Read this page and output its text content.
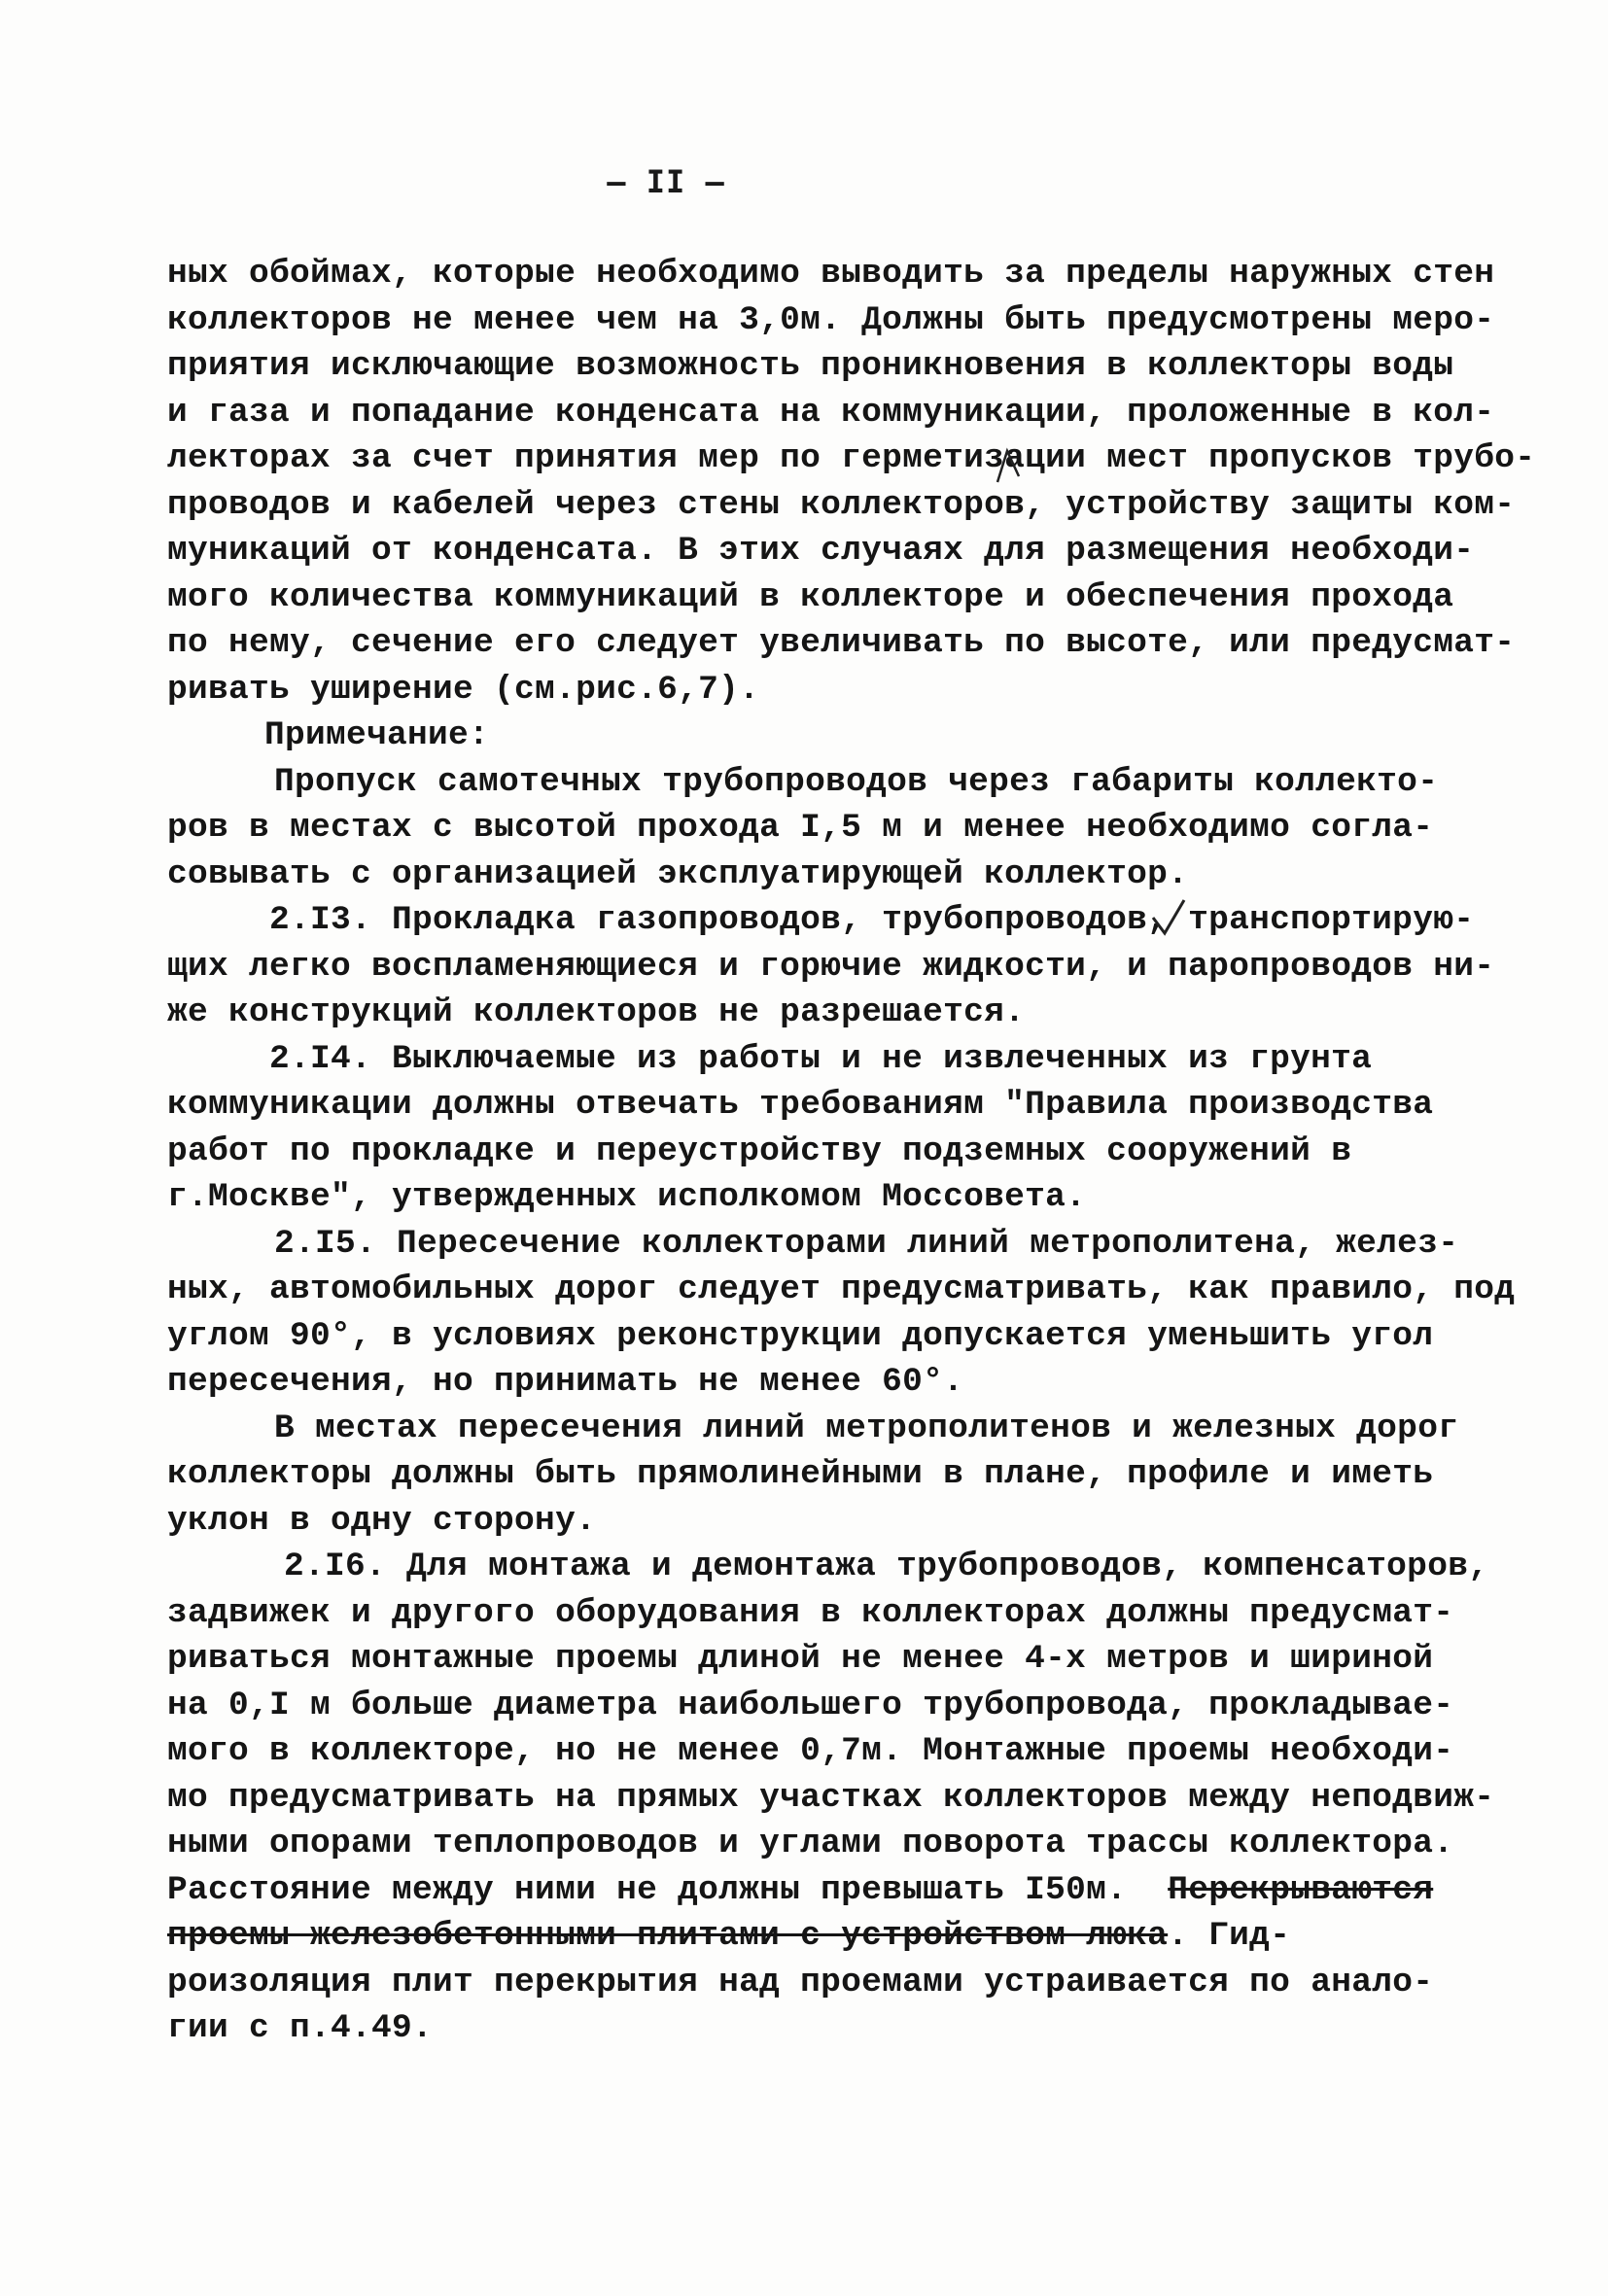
— II —
ных обоймах, которые необходимо выводить за пределы наружных стен
коллекторов не менее чем на 3,0м. Должны быть предусмотрены меро-
приятия исключающие возможность проникновения в коллекторы воды
и газа и попадание конденсата на коммуникации, проложенные в кол-
лекторах за счет принятия мер по герметизации мест пропусков трубо-
проводов и кабелей через стены коллекторов, устройству защиты ком-
муникаций от конденсата. В этих случаях для размещения необходи-
мого количества коммуникаций в коллекторе и обеспечения прохода
по нему, сечение его следует увеличивать по высоте, или предусмат-
ривать уширение (см.рис.6,7).
Примечание:
Пропуск самотечных трубопроводов через габариты коллекто-
ров в местах с высотой прохода I,5 м и менее необходимо согла-
совывать с организацией эксплуатирующей коллектор.
2.I3. Прокладка газопроводов, трубопроводов, транспортирую-
щих легко воспламеняющиеся и горючие жидкости, и паропроводов ни-
же конструкций коллекторов не разрешается.
2.I4. Выключаемые из работы и не извлеченных из грунта
коммуникации должны отвечать требованиям "Правила производства
работ по прокладке и переустройству подземных сооружений в
г.Москве", утвержденных исполкомом Моссовета.
2.I5. Пересечение коллекторами линий метрополитена, желез-
ных, автомобильных дорог следует предусматривать, как правило, под
углом 90°, в условиях реконструкции допускается уменьшить угол
пересечения, но принимать не менее 60°.
В местах пересечения линий метрополитенов и железных дорог
коллекторы должны быть прямолинейными в плане, профиле и иметь
уклон в одну сторону.
2.I6. Для монтажа и демонтажа трубопроводов, компенсаторов,
задвижек и другого оборудования в коллекторах должны предусмат-
риваться монтажные проемы длиной не менее 4-х метров и шириной
на 0,I м больше диаметра наибольшего трубопровода, прокладывае-
мого в коллекторе, но не менее 0,7м. Монтажные проемы необходи-
мо предусматривать на прямых участках коллекторов между неподвиж-
ными опорами теплопроводов и углами поворота трассы коллектора.
Расстояние между ними не должны превышать I50м. Перекрываются
проемы железобетонными плитами с устройством люка. Гид-
роизоляция плит перекрытия над проемами устраивается по анало-
гии с п.4.49.
